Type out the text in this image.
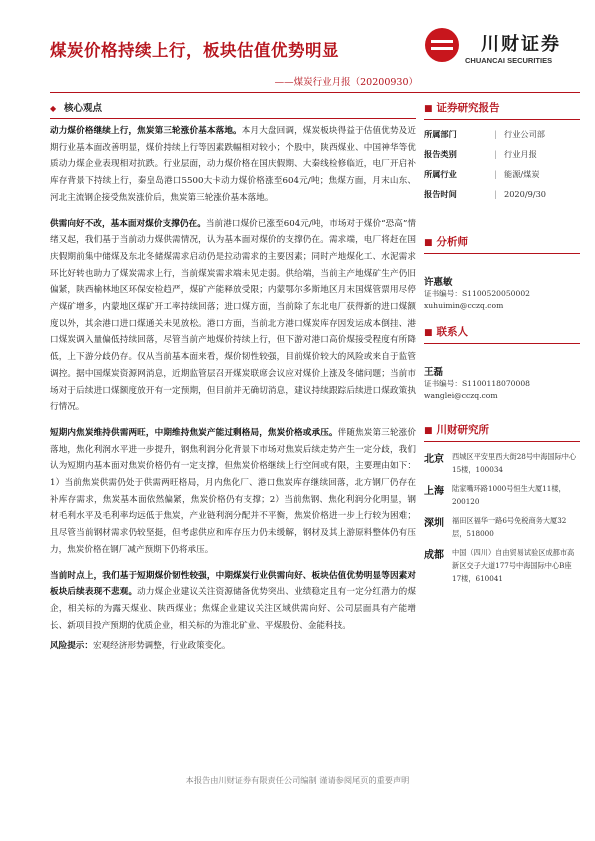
煤炭价格持续上行，板块估值优势明显
——煤炭行业月报（20200930）
川财证券
CHUANCAI SECURITIES
◆ 核心观点

动力煤价格继续上行，焦炭第三轮涨价基本落地。本月大盘回调，煤炭板块得益于估值优势及近期行业基本面改善明显，煤价持续上行等因素跌幅相对较小；个股中，陕西煤业、中国神华等优质动力煤企业表现相对抗跌。行业层面，动力煤价格在国庆假期、大秦线检修临近，电厂开启补库存背景下持续上行，秦皇岛港口5500大卡动力煤价格涨至604元/吨；焦煤方面，月末山东、河北主流钢企接受焦炭涨价后，焦炭第三轮涨价基本落地。

供需向好不改，基本面对煤价支撑仍在。当前港口煤价已涨至604元/吨，市场对于煤价“恐高”情绪又起，我们基于当前动力煤供需情况，认为基本面对煤价的支撑仍在。需求端，电厂将赶在国庆假期前集中储煤及东北冬储煤需求启动仍是拉动需求的主要因素；同时产地煤化工、水泥需求环比好转也助力了煤炭需求上行，当前煤炭需求端未见走弱。供给端，当前主产地煤矿生产仍旧偏紧，陕西榆林地区环保安检趋严，煤矿产能释放受限；内蒙鄂尔多斯地区月末国煤管票用尽停产煤矿增多，内蒙地区煤矿开工率持续回落；进口煤方面，当前除了东北电厂获得新的进口煤额度以外，其余港口进口煤通关未见放松。港口方面，当前北方港口煤炭库存因发运成本倒挂、港口煤炭调入量偏低持续回落，尽管当前产地煤价持续上行，但下游对港口高价煤接受程度有所降低，上下游分歧仍存。仅从当前基本面来看，煤价韧性较强，目前煤价较大的风险或来自于监管调控。据中国煤炭资源网消息，近期监管层召开煤炭联席会议应对煤价上涨及冬储问题；当前市场对于后续进口煤额度放开有一定预期，但目前并无确切消息，建议持续跟踪后续进口煤政策执行情况。

短期内焦炭维持供需两旺，中期维持焦炭产能过剩格局，焦炭价格或承压。伴随焦炭第三轮涨价落地，焦化利润水平进一步提升，钢焦利润分化背景下市场对焦炭后续走势产生一定分歧，我们认为短期内基本面对焦炭价格仍有一定支撑，但焦炭价格继续上行空间或有限，主要理由如下：1）当前焦炭供需仍处于供需两旺格局，月内焦化厂、港口焦炭库存继续回落，北方钢厂仍存在补库存需求，焦炭基本面依然偏紧，焦炭价格仍有支撑；2）当前焦钢、焦化利润分化明显，钢材毛利水平及毛利率均远低于焦炭，产业链利润分配并不平衡，焦炭价格进一步上行较为困难；且尽管当前钢材需求仍较坚挺，但考虑供应和库存压力仍未缓解，钢材及其上游原料整体仍有压力，焦炭价格在钢厂减产预期下仍将承压。

当前时点上，我们基于短期煤价韧性较强，中期煤炭行业供需向好、板块估值优势明显等因素对板块后续表现不悲观。动力煤企业建议关注资源储备优势突出、业绩稳定且有一定分红潜力的煤企，相关标的为露天煤业、陕西煤业；焦煤企业建议关注区域供需向好、公司层面具有产能增长、新项目投产预期的优质企业，相关标的为淮北矿业、平煤股份、金能科技。

风险提示：宏观经济形势调整，行业政策变化。

■ 证券研究报告
所属部门	| 行业公司部
报告类别	| 行业月报
所属行业	| 能源/煤炭
报告时间	| 2020/9/30
■ 分析师
许惠敏
证书编号：S1100520050002
xuhuimin@cczq.com
■ 联系人
王磊
证书编号：S1100118070008
wanglei@cczq.com
■ 川财研究所
北京	西城区平安里西大街28号中海国际中心15楼，100034
上海	陆家嘴环路1000号恒生大厦11楼，200120
深圳	福田区福华一路6号免税商务大厦32层，518000
成都	中国（四川）自由贸易试验区成都市高新区交子大道177号中海国际中心B座17楼，610041
本报告由川财证券有限责任公司编制 谨请参阅尾页的重要声明
